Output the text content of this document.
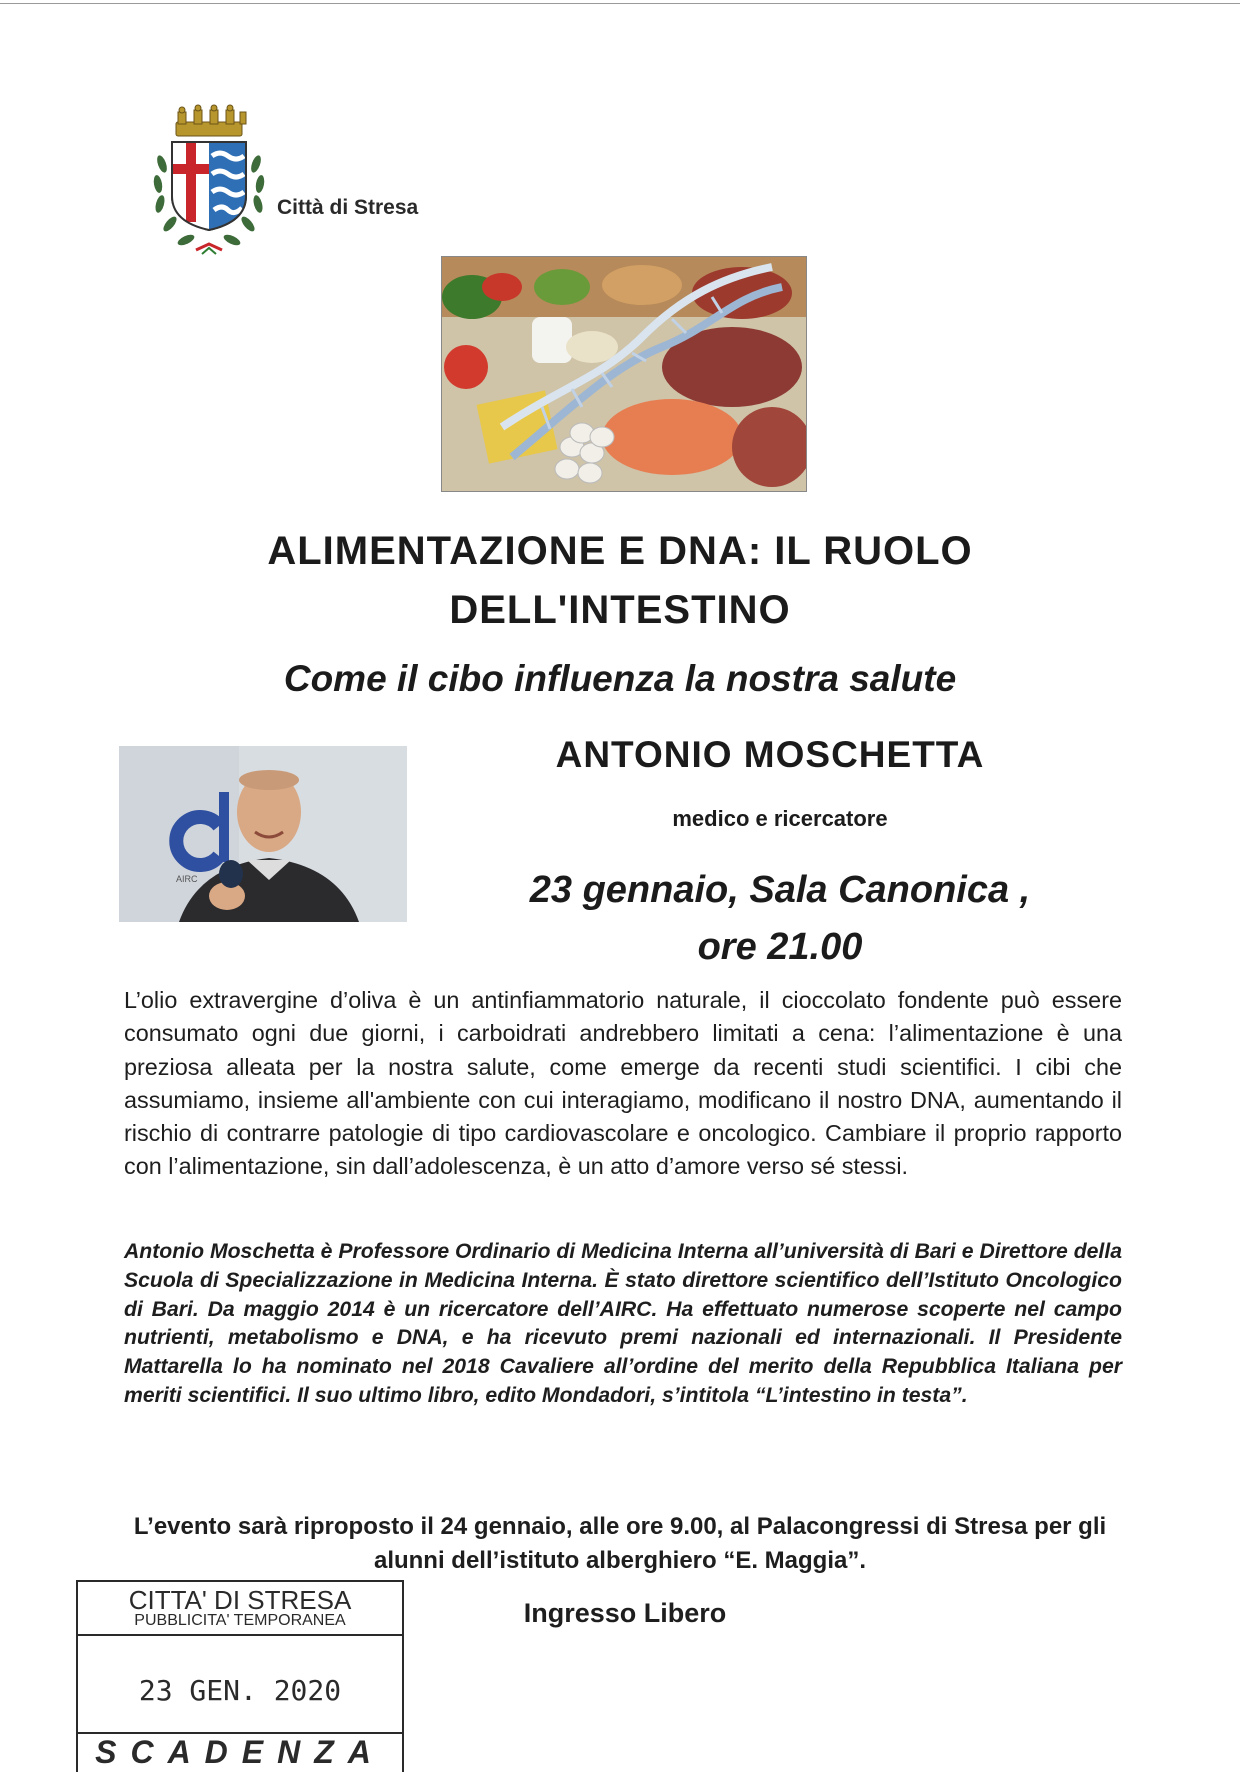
Città di Stresa
ALIMENTAZIONE E DNA: IL RUOLO
DELL'INTESTINO
Come il cibo influenza la nostra salute
AIRC
ANTONIO MOSCHETTA
medico e ricercatore
23 gennaio, Sala Canonica ,
ore 21.00
L’olio extravergine d’oliva è un antinfiammatorio naturale, il cioccolato fondente può essere consumato ogni due giorni, i carboidrati andrebbero limitati a cena: l’alimentazione è una preziosa alleata per la nostra salute, come emerge da recenti studi scientifici. I cibi che assumiamo, insieme all'ambiente con cui interagiamo, modificano il nostro DNA, aumentando il rischio di contrarre patologie di tipo cardiovascolare e oncologico. Cambiare il proprio rapporto con l’alimentazione, sin dall’adolescenza, è un atto d’amore verso sé stessi.
Antonio Moschetta è Professore Ordinario di Medicina Interna all’università di Bari e Direttore della Scuola di Specializzazione in Medicina Interna. È stato direttore scientifico dell’Istituto Oncologico di Bari. Da maggio 2014 è un ricercatore dell’AIRC. Ha effettuato numerose scoperte nel campo nutrienti, metabolismo e DNA, e ha ricevuto premi nazionali ed internazionali. Il Presidente Mattarella lo ha nominato nel 2018 Cavaliere all’ordine del merito della Repubblica Italiana per meriti scientifici. Il suo ultimo libro, edito Mondadori, s’intitola “L’intestino in testa”.
L’evento sarà riproposto il 24 gennaio, alle ore 9.00, al Palacongressi di Stresa per gli
alunni dell’istituto alberghiero “E. Maggia”.
Ingresso Libero
CITTA' DI STRESA
PUBBLICITA' TEMPORANEA
23 GEN. 2020
SCADENZA
